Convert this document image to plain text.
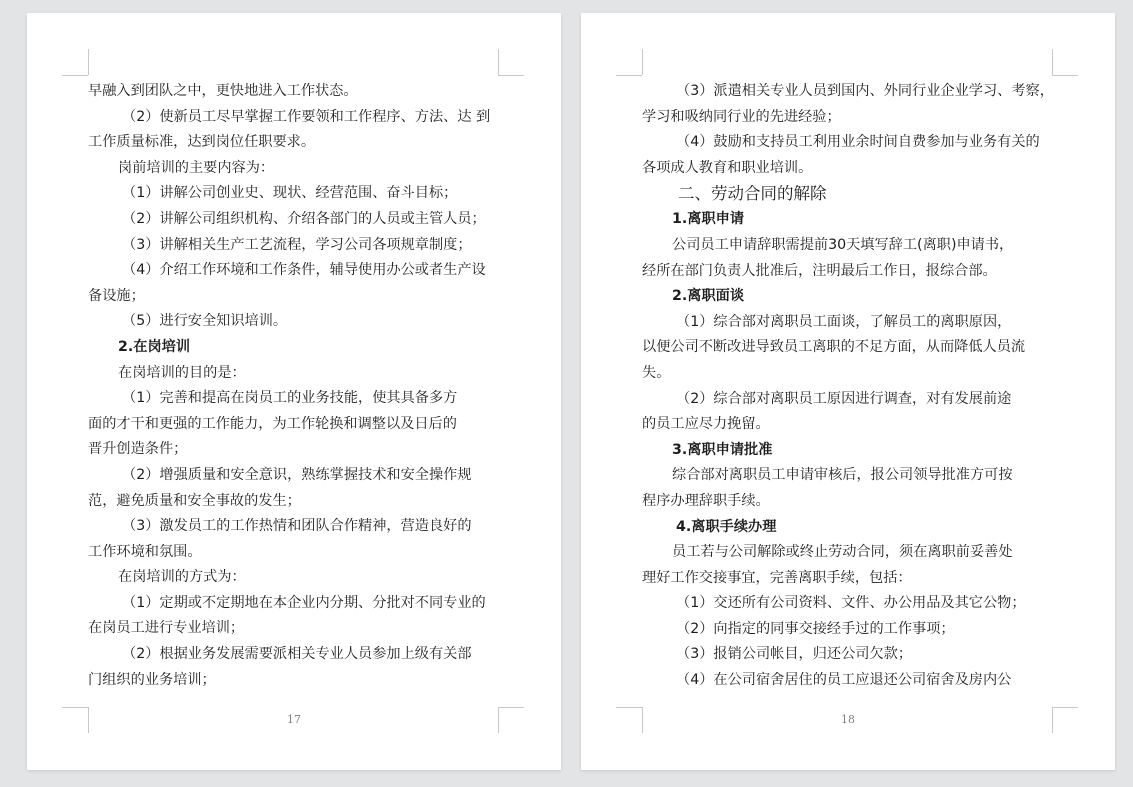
早融入到团队之中，更快地进入工作状态。

（2）使新员工尽早掌握工作要领和工作程序、方法、达 到

工作质量标准，达到岗位任职要求。

岗前培训的主要内容为：

（1）讲解公司创业史、现状、经营范围、奋斗目标；

（2）讲解公司组织机构、介绍各部门的人员或主管人员；

（3）讲解相关生产工艺流程，学习公司各项规章制度；

（4）介绍工作环境和工作条件，辅导使用办公或者生产设

备设施；

（5）进行安全知识培训。

2.在岗培训

在岗培训的目的是：

（1）完善和提高在岗员工的业务技能，使其具备多方

面的才干和更强的工作能力，为工作轮换和调整以及日后的

晋升创造条件；

（2）增强质量和安全意识，熟练掌握技术和安全操作规

范，避免质量和安全事故的发生；

（3）激发员工的工作热情和团队合作精神，营造良好的

工作环境和氛围。

在岗培训的方式为：

（1）定期或不定期地在本企业内分期、分批对不同专业的

在岗员工进行专业培训；

（2）根据业务发展需要派相关专业人员参加上级有关部

门组织的业务培训；

17

（3）派遣相关专业人员到国内、外同行业企业学习、考察，

学习和吸纳同行业的先进经验；

（4）鼓励和支持员工利用业余时间自费参加与业务有关的

各项成人教育和职业培训。

二、劳动合同的解除

1.离职申请

公司员工申请辞职需提前30天填写辞工(离职)申请书，

经所在部门负责人批准后，注明最后工作日，报综合部。

2.离职面谈

（1）综合部对离职员工面谈，了解员工的离职原因，

以便公司不断改进导致员工离职的不足方面，从而降低人员流

失。

（2）综合部对离职员工原因进行调查，对有发展前途

的员工应尽力挽留。

3.离职申请批准

综合部对离职员工申请审核后，报公司领导批准方可按

程序办理辞职手续。

4.离职手续办理

员工若与公司解除或终止劳动合同，须在离职前妥善处

理好工作交接事宜，完善离职手续，包括：

（1）交还所有公司资料、文件、办公用品及其它公物；

（2）向指定的同事交接经手过的工作事项；

（3）报销公司帐目，归还公司欠款；

（4）在公司宿舍居住的员工应退还公司宿舍及房内公

18
